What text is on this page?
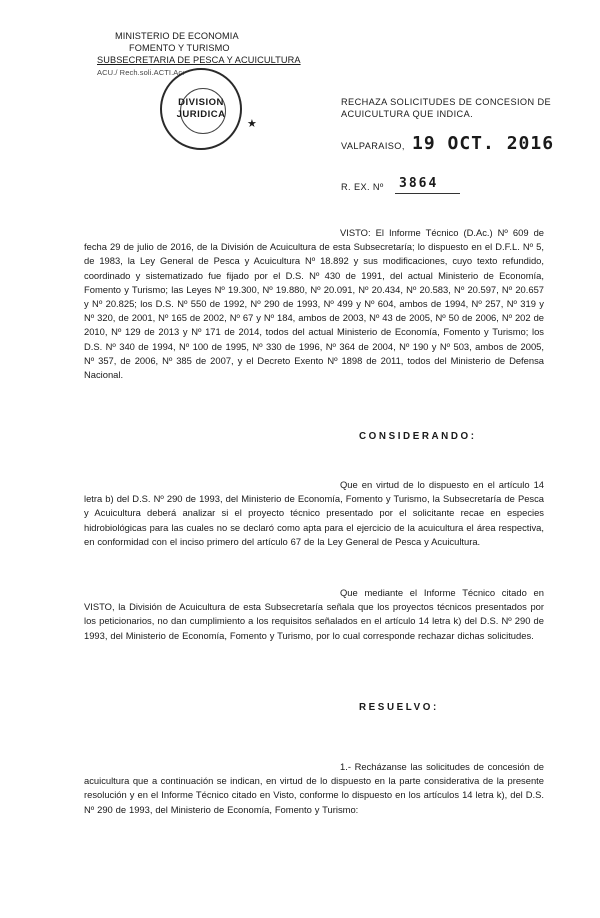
MINISTERIO DE ECONOMIA
FOMENTO Y TURISMO
SUBSECRETARIA DE PESCA Y ACUICULTURA
ACU./ Rech.soli.ACTI.Ac:
DIVISION
JURIDICA
★
RECHAZA SOLICITUDES DE CONCESION DE
ACUICULTURA QUE INDICA.
VALPARAISO, 19 OCT. 2016
R. EX. Nº 3864
VISTO: El Informe Técnico (D.Ac.) Nº 609 de fecha 29 de julio de 2016, de la División de Acuicultura de esta Subsecretaría; lo dispuesto en el D.F.L. Nº 5, de 1983, la Ley General de Pesca y Acuicultura Nº 18.892 y sus modificaciones, cuyo texto refundido, coordinado y sistematizado fue fijado por el D.S. Nº 430 de 1991, del actual Ministerio de Economía, Fomento y Turismo; las Leyes Nº 19.300, Nº 19.880, Nº 20.091, Nº 20.434, Nº 20.583, Nº 20.597, Nº 20.657 y Nº 20.825; los D.S. Nº 550 de 1992, Nº 290 de 1993, Nº 499 y Nº 604, ambos de 1994, Nº 257, Nº 319 y Nº 320, de 2001, Nº 165 de 2002, Nº 67 y Nº 184, ambos de 2003, Nº 43 de 2005, Nº 50 de 2006, Nº 202 de 2010, Nº 129 de 2013 y Nº 171 de 2014, todos del actual Ministerio de Economía, Fomento y Turismo; los D.S. Nº 340 de 1994, Nº 100 de 1995, Nº 330 de 1996, Nº 364 de 2004, Nº 190 y Nº 503, ambos de 2005, Nº 357, de 2006, Nº 385 de 2007, y el Decreto Exento Nº 1898 de 2011, todos del Ministerio de Defensa Nacional.
CONSIDERANDO:
Que en virtud de lo dispuesto en el artículo 14 letra b) del D.S. Nº 290 de 1993, del Ministerio de Economía, Fomento y Turismo, la Subsecretaría de Pesca y Acuicultura deberá analizar si el proyecto técnico presentado por el solicitante recae en especies hidrobiológicas para las cuales no se declaró como apta para el ejercicio de la acuicultura el área respectiva, en conformidad con el inciso primero del artículo 67 de la Ley General de Pesca y Acuicultura.
Que mediante el Informe Técnico citado en VISTO, la División de Acuicultura de esta Subsecretaría señala que los proyectos técnicos presentados por los peticionarios, no dan cumplimiento a los requisitos señalados en el artículo 14 letra k) del D.S. Nº 290 de 1993, del Ministerio de Economía, Fomento y Turismo, por lo cual corresponde rechazar dichas solicitudes.
RESUELVO:
1.- Recházanse las solicitudes de concesión de acuicultura que a continuación se indican, en virtud de lo dispuesto en la parte considerativa de la presente resolución y en el Informe Técnico citado en Visto, conforme lo dispuesto en los artículos 14 letra k), del D.S. Nº 290 de 1993, del Ministerio de Economía, Fomento y Turismo:
